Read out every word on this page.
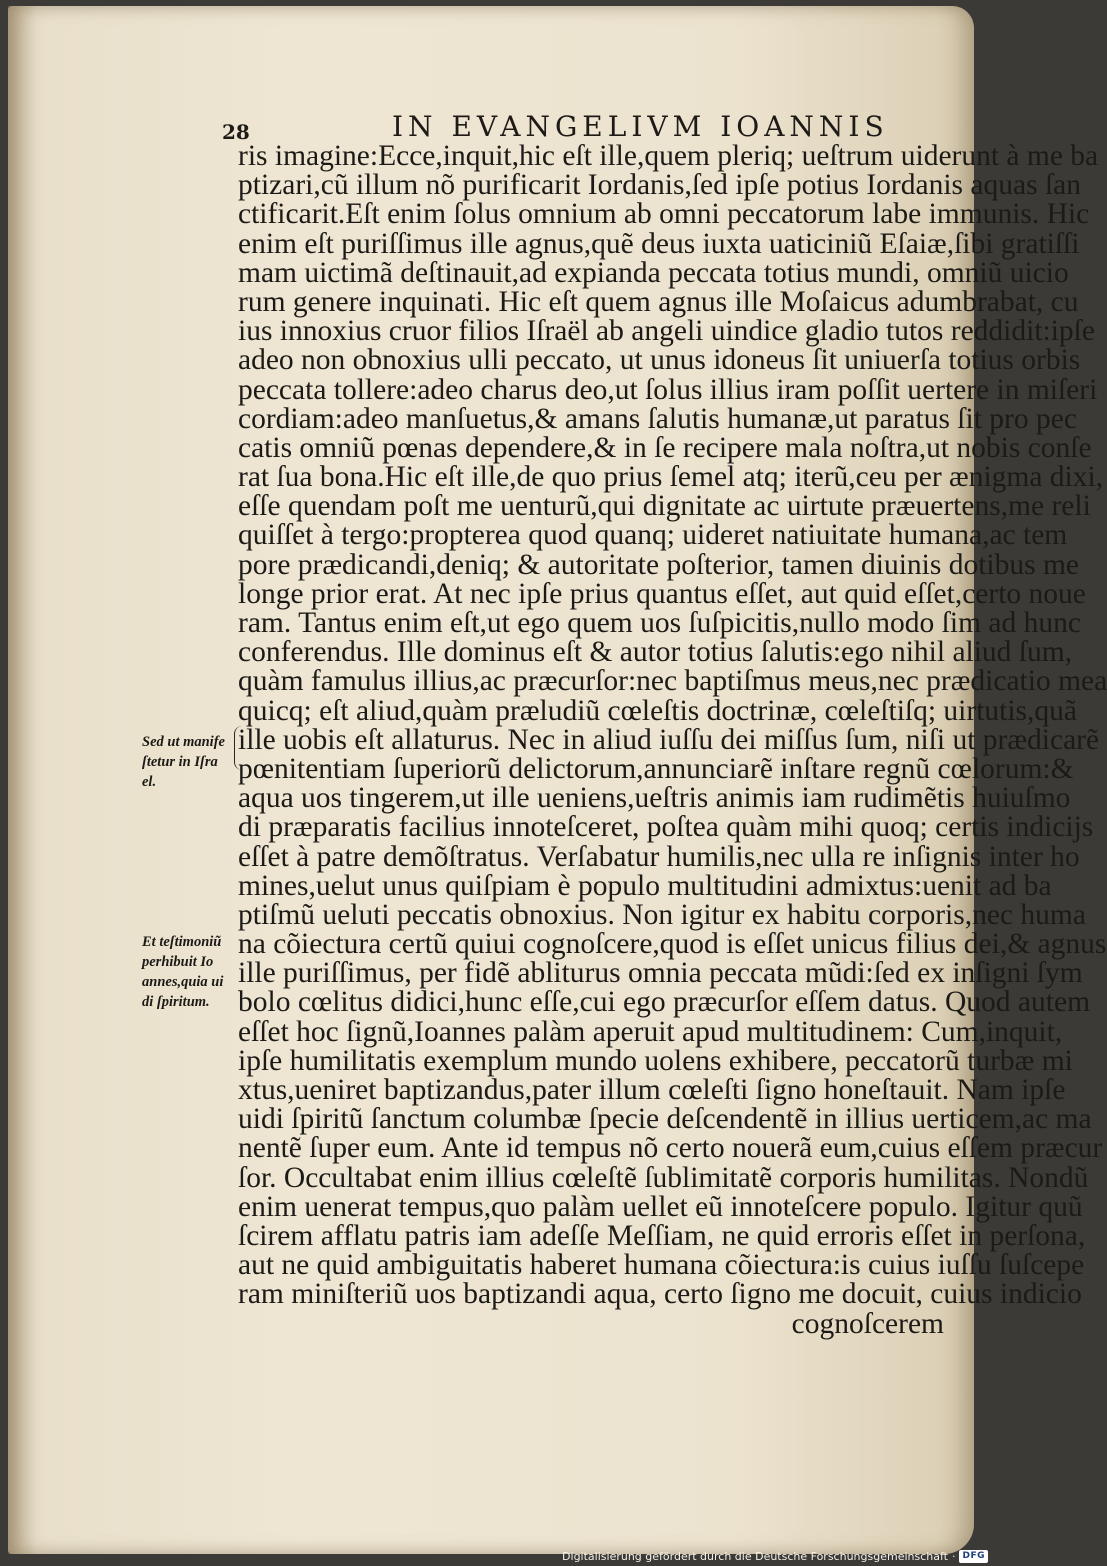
28	IN EVANGELIVM IOANNIS
ris imagine:Ecce,inquit,hic eſt ille,quem pleriq; ueſtrum uiderunt à me ba
ptizari,cũ illum nõ purificarit Iordanis,ſed ipſe potius Iordanis aquas ſan
ctificarit.Eſt enim ſolus omnium ab omni peccatorum labe immunis. Hic
enim eſt puriſſimus ille agnus,quẽ deus iuxta uaticiniũ Eſaiæ,ſibi gratiſſi
mam uictimã deſtinauit,ad expianda peccata totius mundi, omniũ uicio
rum genere inquinati. Hic eſt quem agnus ille Moſaicus adumbrabat, cu
ius innoxius cruor filios Iſraël ab angeli uindice gladio tutos reddidit:ipſe
adeo non obnoxius ulli peccato, ut unus idoneus ſit uniuerſa totius orbis
peccata tollere:adeo charus deo,ut ſolus illius iram poſſit uertere in miſeri
cordiam:adeo manſuetus,& amans ſalutis humanæ,ut paratus ſit pro pec
catis omniũ pœnas dependere,& in ſe recipere mala noſtra,ut nobis conſe
rat ſua bona.Hic eſt ille,de quo prius ſemel atq; iterũ,ceu per ænigma dixi,
eſſe quendam poſt me uenturũ,qui dignitate ac uirtute præuertens,me reli
quiſſet à tergo:propterea quod quanq; uideret natiuitate humana,ac tem
pore prædicandi,deniq; & autoritate poſterior, tamen diuinis dotibus me
longe prior erat. At nec ipſe prius quantus eſſet, aut quid eſſet,certo noue
ram. Tantus enim eſt,ut ego quem uos ſuſpicitis,nullo modo ſim ad hunc
conferendus. Ille dominus eſt & autor totius ſalutis:ego nihil aliud ſum,
quàm famulus illius,ac præcurſor:nec baptiſmus meus,nec prædicatio mea
quicq; eſt aliud,quàm præludiũ cœleſtis doctrinæ, cœleſtiſq; uirtutis,quã
ille uobis eſt allaturus. Nec in aliud iuſſu dei miſſus ſum, niſi ut prædicarẽ
pœnitentiam ſuperiorũ delictorum,annunciarẽ inſtare regnũ cœlorum:&
aqua uos tingerem,ut ille ueniens,ueſtris animis iam rudimẽtis huiuſmo
di præparatis facilius innoteſceret, poſtea quàm mihi quoq; certis indicijs
eſſet à patre demõſtratus. Verſabatur humilis,nec ulla re inſignis inter ho
mines,uelut unus quiſpiam è populo multitudini admixtus:uenit ad ba
ptiſmũ ueluti peccatis obnoxius. Non igitur ex habitu corporis,nec huma
na cõiectura certũ quiui cognoſcere,quod is eſſet unicus filius dei,& agnus
ille puriſſimus, per fidẽ abliturus omnia peccata mũdi:ſed ex inſigni ſym
bolo cœlitus didici,hunc eſſe,cui ego præcurſor eſſem datus. Quod autem
eſſet hoc ſignũ,Ioannes palàm aperuit apud multitudinem: Cum,inquit,
ipſe humilitatis exemplum mundo uolens exhibere, peccatorũ turbæ mi
xtus,ueniret baptizandus,pater illum cœleſti ſigno honeſtauit. Nam ipſe
uidi ſpiritũ ſanctum columbæ ſpecie deſcendentẽ in illius uerticem,ac ma
nentẽ ſuper eum. Ante id tempus nõ certo nouerã eum,cuius eſſem præcur
ſor. Occultabat enim illius cœleſtẽ ſublimitatẽ corporis humilitas. Nondũ
enim uenerat tempus,quo palàm uellet eũ innoteſcere populo. Igitur quũ
ſcirem afflatu patris iam adeſſe Meſſiam, ne quid erroris eſſet in perſona,
aut ne quid ambiguitatis haberet humana cõiectura:is cuius iuſſu ſuſcepe
ram miniſteriũ uos baptizandi aqua, certo ſigno me docuit, cuius indicio
cognoſcerem
Sed ut manife
ſtetur in Iſra
el.
Et teſtimoniũ
perhibuit Io
annes,quia ui
di ſpiritum.
Digitalisierung gefördert durch die Deutsche Forschungsgemeinschaft · DFG
